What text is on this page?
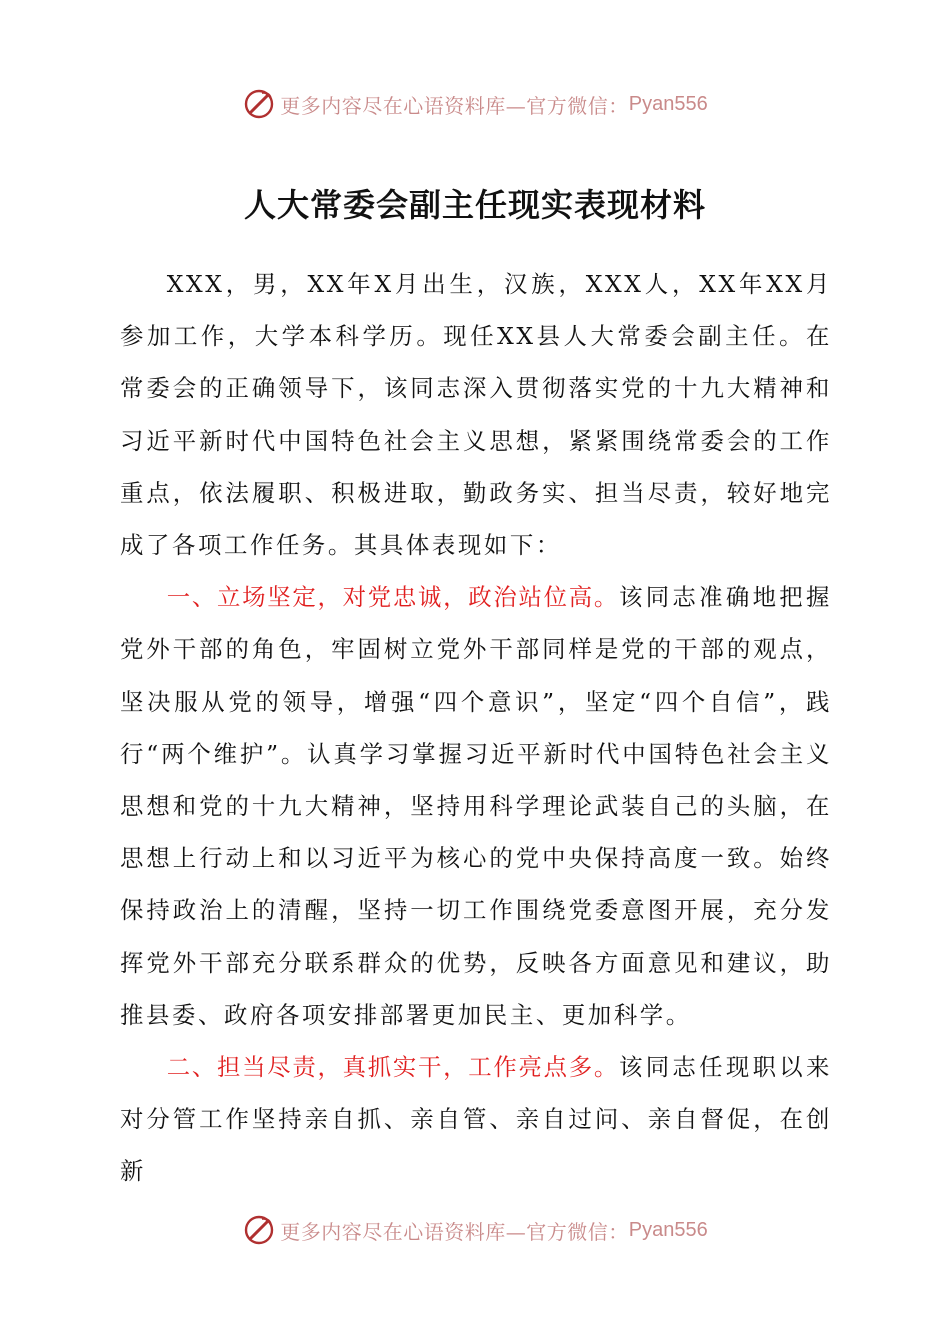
更多内容尽在心语资料库—官方微信： Pyan556
人大常委会副主任现实表现材料

XXX，男，XX年X月出生，汉族，XXX人，XX年XX月参加工作，大学本科学历。现任XX县人大常委会副主任。在常委会的正确领导下，该同志深入贯彻落实党的十九大精神和习近平新时代中国特色社会主义思想，紧紧围绕常委会的工作重点，依法履职、积极进取，勤政务实、担当尽责，较好地完成了各项工作任务。其具体表现如下：

一、立场坚定，对党忠诚，政治站位高。该同志准确地把握党外干部的角色，牢固树立党外干部同样是党的干部的观点，坚决服从党的领导，增强“四个意识”，坚定“四个自信”，践行“两个维护”。认真学习掌握习近平新时代中国特色社会主义思想和党的十九大精神，坚持用科学理论武装自己的头脑，在思想上行动上和以习近平为核心的党中央保持高度一致。始终保持政治上的清醒，坚持一切工作围绕党委意图开展，充分发挥党外干部充分联系群众的优势，反映各方面意见和建议，助推县委、政府各项安排部署更加民主、更加科学。

二、担当尽责，真抓实干，工作亮点多。该同志任现职以来对分管工作坚持亲自抓、亲自管、亲自过问、亲自督促，在创新

更多内容尽在心语资料库—官方微信： Pyan556
